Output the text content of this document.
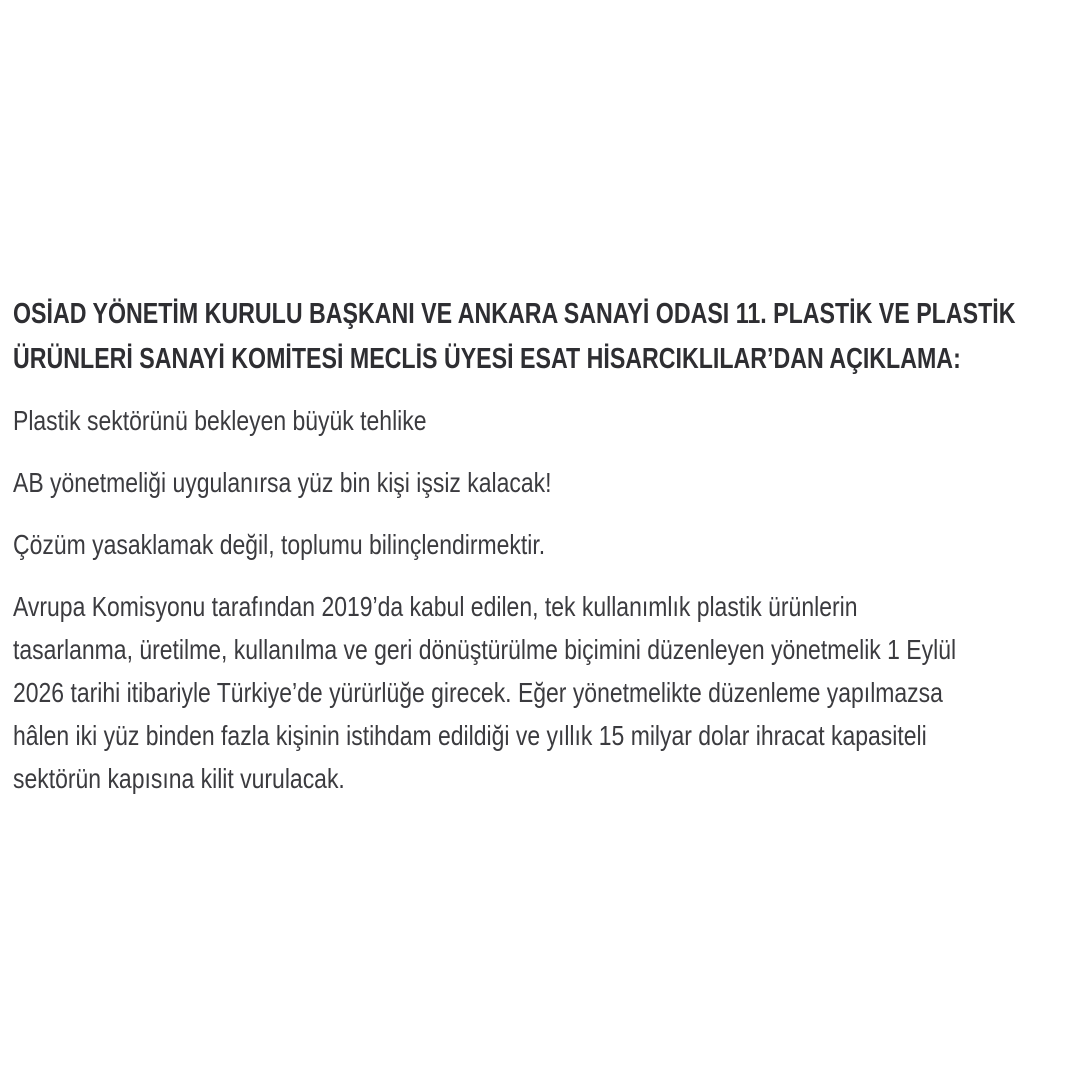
OSİAD YÖNETİM KURULU BAŞKANI VE ANKARA SANAYİ ODASI 11. PLASTİK VE PLASTİK
ÜRÜNLERİ SANAYİ KOMİTESİ MECLİS ÜYESİ ESAT HİSARCIKLILAR’DAN AÇIKLAMA:

Plastik sektörünü bekleyen büyük tehlike

AB yönetmeliği uygulanırsa yüz bin kişi işsiz kalacak!

Çözüm yasaklamak değil, toplumu bilinçlendirmektir.

Avrupa Komisyonu tarafından 2019’da kabul edilen, tek kullanımlık plastik ürünlerin
tasarlanma, üretilme, kullanılma ve geri dönüştürülme biçimini düzenleyen yönetmelik 1 Eylül
2026 tarihi itibariyle Türkiye’de yürürlüğe girecek. Eğer yönetmelikte düzenleme yapılmazsa
hâlen iki yüz binden fazla kişinin istihdam edildiği ve yıllık 15 milyar dolar ihracat kapasiteli
sektörün kapısına kilit vurulacak.
